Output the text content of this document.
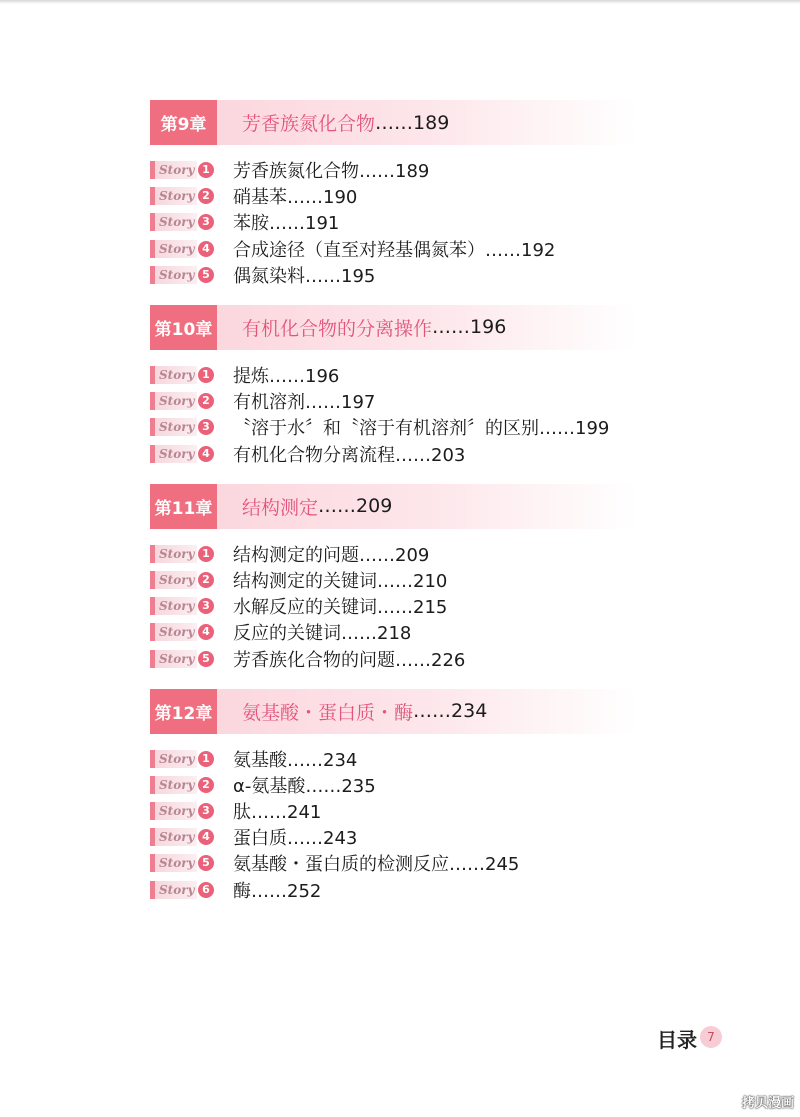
第9章	芳香族氮化合物 ……189
Story 1 芳香族氮化合物……189
Story 2 硝基苯……190
Story 3 苯胺……191
Story 4 合成途径（直至对羟基偶氮苯）……192
Story 5 偶氮染料……195
第10章 有机化合物的分离操作 ……196
Story 1 提炼……196
Story 2 有机溶剂……197
Story 3 〝溶于水〞和〝溶于有机溶剂〞的区别……199
Story 4 有机化合物分离流程……203
第11章 结构测定 ……209
Story 1 结构测定的问题……209
Story 2 结构测定的关键词……210
Story 3 水解反应的关键词……215
Story 4 反应的关键词……218
Story 5 芳香族化合物的问题……226
第12章 氨基酸・蛋白质・酶 ……234
Story 1 氨基酸……234
Story 2 α-氨基酸……235
Story 3 肽……241
Story 4 蛋白质……243
Story 5 氨基酸・蛋白质的检测反应……245
Story 6 酶……252
目录 7
拷贝漫画
